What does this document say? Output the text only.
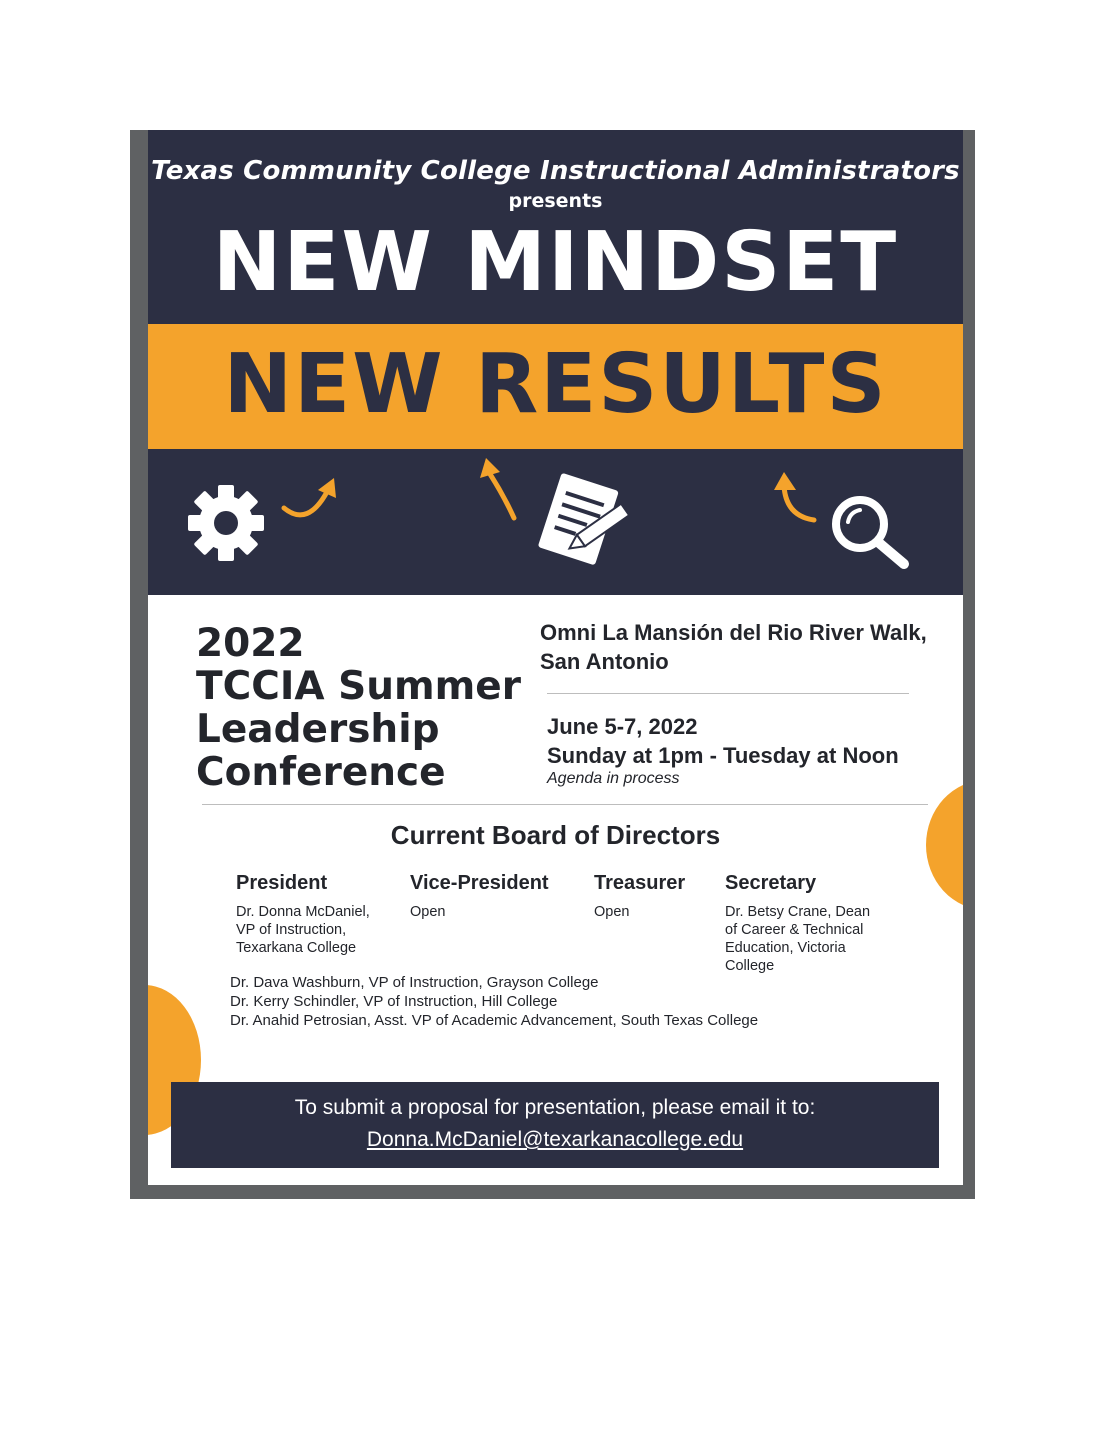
Texas Community College Instructional Administrators
presents
NEW MINDSET
NEW RESULTS
2022
TCCIA Summer
Leadership
Conference
Omni La Mansión del Rio River Walk,
San Antonio
June 5-7, 2022
Sunday at 1pm - Tuesday at Noon
Agenda in process
Current Board of Directors
President
Dr. Donna McDaniel,
VP of Instruction,
Texarkana College
Vice-President
Open
Treasurer
Open
Secretary
Dr. Betsy Crane, Dean
of Career & Technical
Education, Victoria
College
Dr. Dava Washburn, VP of Instruction, Grayson College
Dr. Kerry Schindler, VP of Instruction, Hill College
Dr. Anahid Petrosian, Asst. VP of Academic Advancement, South Texas College
To submit a proposal for presentation, please email it to:
Donna.McDaniel@texarkanacollege.edu
